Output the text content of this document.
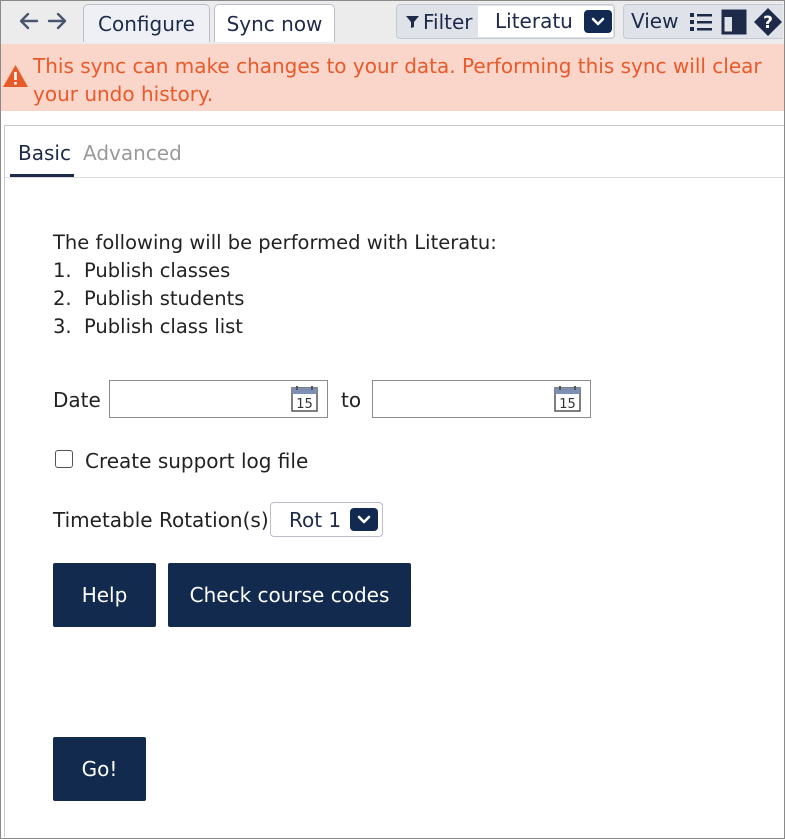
Configure	Sync now	Filter Literatu	View	?
This sync can make changes to your data. Performing this sync will clear your undo history.
Basic Advanced
The following will be performed with Literatu:
1.  Publish classes
2.  Publish students
3.  Publish class list
Date	15 to	15
Create support log file
Timetable Rotation(s) Rot 1
Help	Check course codes
Go!
